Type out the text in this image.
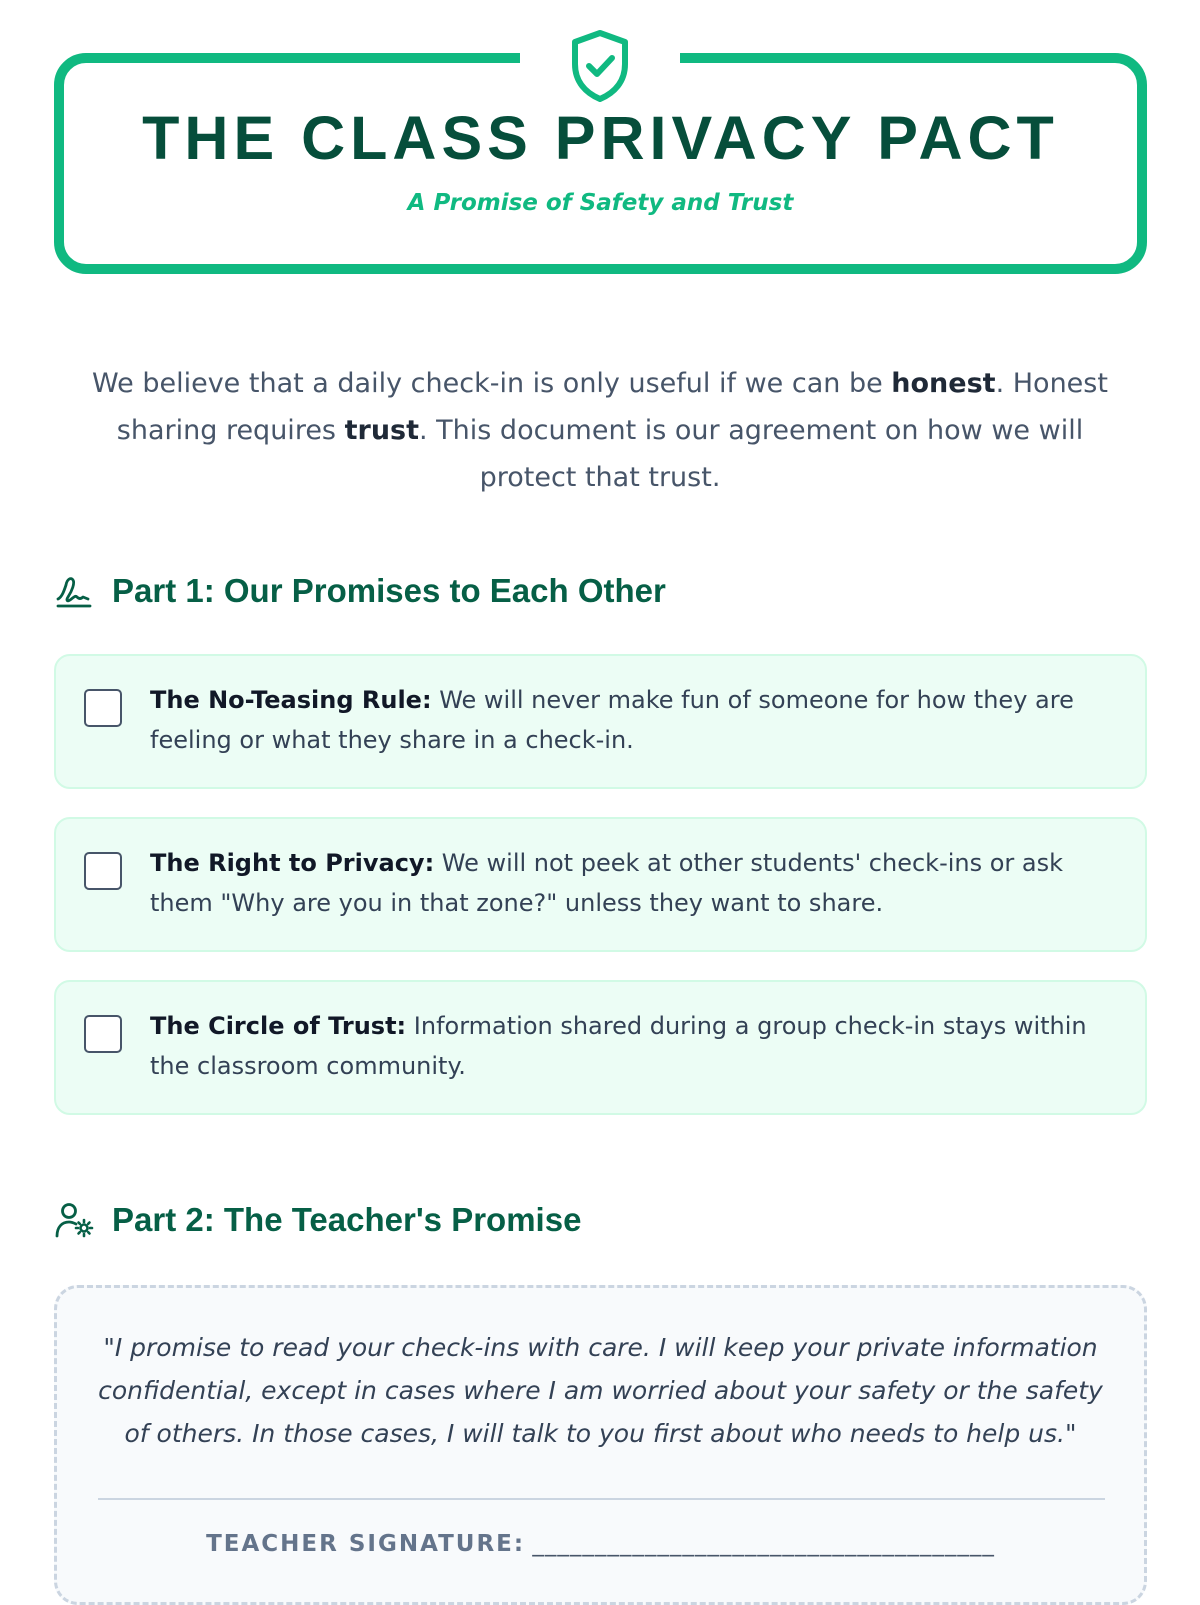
THE CLASS PRIVACY PACT
A Promise of Safety and Trust

We believe that a daily check-in is only useful if we can be honest. Honest sharing requires trust. This document is our agreement on how we will protect that trust.

Part 1: Our Promises to Each Other
The No-Teasing Rule: We will never make fun of someone for how they are feeling or what they share in a check-in.
The Right to Privacy: We will not peek at other students' check-ins or ask them "Why are you in that zone?" unless they want to share.
The Circle of Trust: Information shared during a group check-in stays within the classroom community.
Part 2: The Teacher's Promise
"I promise to read your check-ins with care. I will keep your private information confidential, except in cases where I am worried about your safety or the safety of others. In those cases, I will talk to you first about who needs to help us."
TEACHER SIGNATURE: _____________________________________
